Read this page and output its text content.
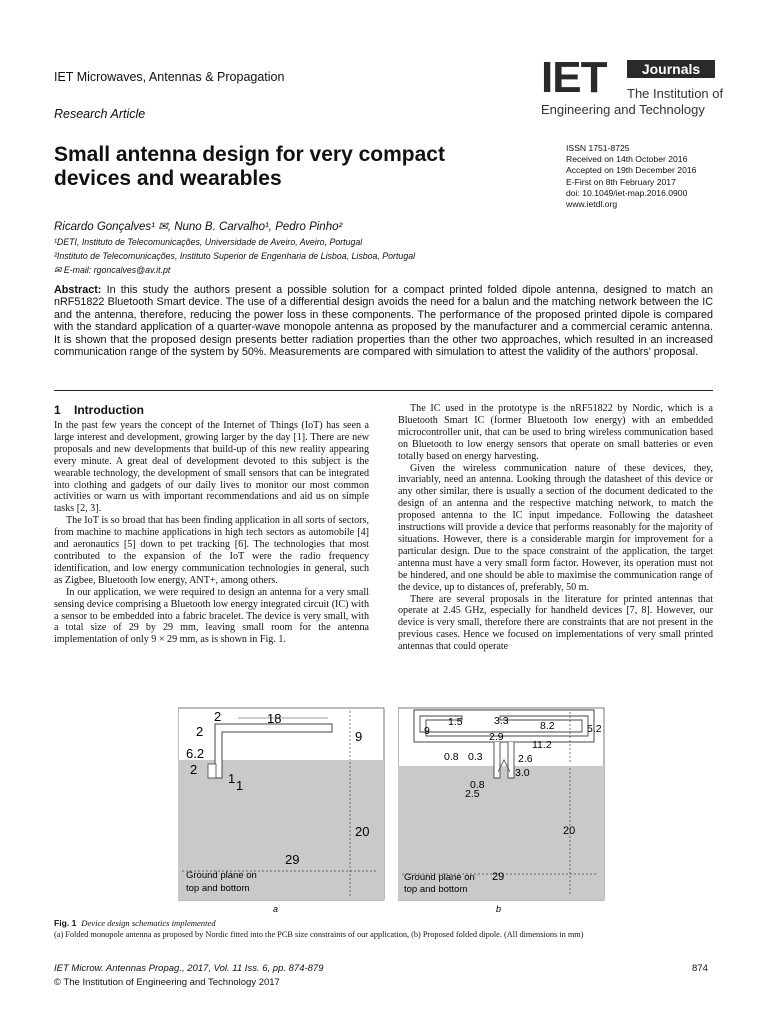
IET Microwaves, Antennas & Propagation
Research Article
IET	Journals
The Institution of
Engineering and Technology
Small antenna design for very compact
devices and wearables
ISSN 1751-8725
Received on 14th October 2016
Accepted on 19th December 2016
E-First on 8th February 2017
doi: 10.1049/iet-map.2016.0900
www.ietdl.org
Ricardo Gonçalves¹ ✉, Nuno B. Carvalho¹, Pedro Pinho²
¹DETI, Instituto de Telecomunicações, Universidade de Aveiro, Aveiro, Portugal
²Instituto de Telecomunicações, Instituto Superior de Engenharia de Lisboa, Lisboa, Portugal
✉ E-mail: rgoncalves@av.it.pt
Abstract: In this study the authors present a possible solution for a compact printed folded dipole antenna, designed to match an nRF51822 Bluetooth Smart device. The use of a differential design avoids the need for a balun and the matching network between the IC and the antenna, therefore, reducing the power loss in these components. The performance of the proposed printed dipole is compared with the standard application of a quarter-wave monopole antenna as proposed by the manufacturer and a commercial ceramic antenna. It is shown that the proposed design presents better radiation properties than the other two approaches, which resulted in an increased communication range of the system by 50%. Measurements are compared with simulation to attest the validity of the authors' proposal.
1 Introduction

In the past few years the concept of the Internet of Things (IoT) has seen a large interest and development, growing larger by the day [1]. There are new proposals and new developments that build-up of this new reality appearing every minute. A great deal of development devoted to this subject is the wearable technology, the development of small sensors that can be integrated into clothing and gadgets of our daily lives to monitor our most common activities or warn us with important recommendations and aid us on simple tasks [2, 3].

The IoT is so broad that has been finding application in all sorts of sectors, from machine to machine applications in high tech sectors as automobile [4] and aeronautics [5] down to pet tracking [6]. The technologies that most contributed to the expansion of the IoT were the radio frequency identification, and low energy communication technologies in general, such as Zigbee, Bluetooth low energy, ANT+, among others.

In our application, we were required to design an antenna for a very small sensing device comprising a Bluetooth low energy integrated circuit (IC) with a sensor to be embedded into a fabric bracelet. The device is very small, with a total size of 29 by 29 mm, leaving small room for the antenna implementation of only 9 × 29 mm, as is shown in Fig. 1.

The IC used in the prototype is the nRF51822 by Nordic, which is a Bluetooth Smart IC (former Bluetooth low energy) with an embedded microcontroller unit, that can be used to bring wireless communication based on Bluetooth to low energy sensors that operate on small batteries or even totally based on energy harvesting.

Given the wireless communication nature of these devices, they, invariably, need an antenna. Looking through the datasheet of this device or any other similar, there is usually a section of the document dedicated to the design of an antenna and the respective matching network, to match the proposed antenna to the IC input impedance. Following the datasheet instructions will provide a device that performs reasonably for the majority of situations. However, there is a considerable margin for improvement for a particular design. Due to the space constraint of the application, the target antenna must have a very small form factor. However, its operation must not be hindered, and one should be able to maximise the communication range of the device, up to distances of, preferably, 50 m.

There are several proposals in the literature for printed antennas that operate at 2.45 GHz, especially for handheld devices [7, 8]. However, our device is very small, therefore there are constraints that are not present in the previous cases. Hence we focused on implementations of very small printed antennas that could operate

2	18
2	9
6.2
2
1 1
20
29
Ground plane on
top and bottom
a
1.5	3.3	8.2	5.2
9	2.9
11.2
0.8 0.3	2.6
3.0
0.8
2.5
20
29
Ground plane on
top and bottom
b
Fig. 1 Device design schematics implemented
(a) Folded monopole antenna as proposed by Nordic fitted into the PCB size constraints of our application, (b) Proposed folded dipole. (All dimensions in mm)
IET Microw. Antennas Propag., 2017, Vol. 11 Iss. 6, pp. 874-879
© The Institution of Engineering and Technology 2017
874
